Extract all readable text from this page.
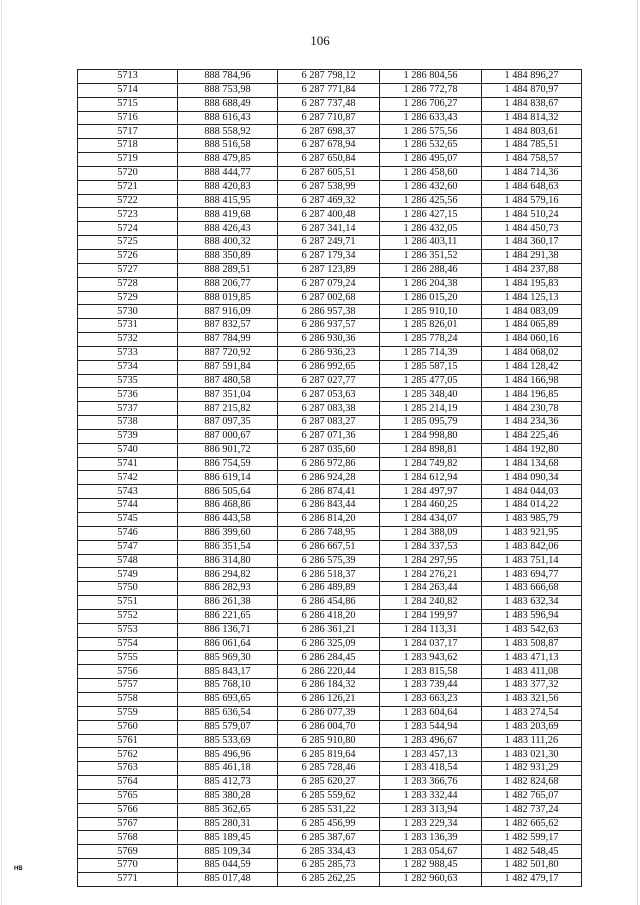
106
5713	888 784,96	6 287 798,12	1 286 804,56	1 484 896,27
5714	888 753,98	6 287 771,84	1 286 772,78	1 484 870,97
5715	888 688,49	6 287 737,48	1 286 706,27	1 484 838,67
5716	888 616,43	6 287 710,87	1 286 633,43	1 484 814,32
5717	888 558,92	6 287 698,37	1 286 575,56	1 484 803,61
5718	888 516,58	6 287 678,94	1 286 532,65	1 484 785,51
5719	888 479,85	6 287 650,84	1 286 495,07	1 484 758,57
5720	888 444,77	6 287 605,51	1 286 458,60	1 484 714,36
5721	888 420,83	6 287 538,99	1 286 432,60	1 484 648,63
5722	888 415,95	6 287 469,32	1 286 425,56	1 484 579,16
5723	888 419,68	6 287 400,48	1 286 427,15	1 484 510,24
5724	888 426,43	6 287 341,14	1 286 432,05	1 484 450,73
5725	888 400,32	6 287 249,71	1 286 403,11	1 484 360,17
5726	888 350,89	6 287 179,34	1 286 351,52	1 484 291,38
5727	888 289,51	6 287 123,89	1 286 288,46	1 484 237,88
5728	888 206,77	6 287 079,24	1 286 204,38	1 484 195,83
5729	888 019,85	6 287 002,68	1 286 015,20	1 484 125,13
5730	887 916,09	6 286 957,38	1 285 910,10	1 484 083,09
5731	887 832,57	6 286 937,57	1 285 826,01	1 484 065,89
5732	887 784,99	6 286 930,36	1 285 778,24	1 484 060,16
5733	887 720,92	6 286 936,23	1 285 714,39	1 484 068,02
5734	887 591,84	6 286 992,65	1 285 587,15	1 484 128,42
5735	887 480,58	6 287 027,77	1 285 477,05	1 484 166,98
5736	887 351,04	6 287 053,63	1 285 348,40	1 484 196,85
5737	887 215,82	6 287 083,38	1 285 214,19	1 484 230,78
5738	887 097,35	6 287 083,27	1 285 095,79	1 484 234,36
5739	887 000,67	6 287 071,36	1 284 998,80	1 484 225,46
5740	886 901,72	6 287 035,60	1 284 898,81	1 484 192,80
5741	886 754,59	6 286 972,86	1 284 749,82	1 484 134,68
5742	886 619,14	6 286 924,28	1 284 612,94	1 484 090,34
5743	886 505,64	6 286 874,41	1 284 497,97	1 484 044,03
5744	886 468,86	6 286 843,44	1 284 460,25	1 484 014,22
5745	886 443,58	6 286 814,20	1 284 434,07	1 483 985,79
5746	886 399,60	6 286 748,95	1 284 388,09	1 483 921,95
5747	886 351,54	6 286 667,51	1 284 337,53	1 483 842,06
5748	886 314,80	6 286 575,39	1 284 297,95	1 483 751,14
5749	886 294,82	6 286 518,37	1 284 276,21	1 483 694,77
5750	886 282,93	6 286 489,89	1 284 263,44	1 483 666,68
5751	886 261,38	6 286 454,86	1 284 240,82	1 483 632,34
5752	886 221,65	6 286 418,20	1 284 199,97	1 483 596,94
5753	886 136,71	6 286 361,21	1 284 113,31	1 483 542,63
5754	886 061,64	6 286 325,09	1 284 037,17	1 483 508,87
5755	885 969,30	6 286 284,45	1 283 943,62	1 483 471,13
5756	885 843,17	6 286 220,44	1 283 815,58	1 483 411,08
5757	885 768,10	6 286 184,32	1 283 739,44	1 483 377,32
5758	885 693,65	6 286 126,21	1 283 663,23	1 483 321,56
5759	885 636,54	6 286 077,39	1 283 604,64	1 483 274,54
5760	885 579,07	6 286 004,70	1 283 544,94	1 483 203,69
5761	885 533,69	6 285 910,80	1 283 496,67	1 483 111,26
5762	885 496,96	6 285 819,64	1 283 457,13	1 483 021,30
5763	885 461,18	6 285 728,46	1 283 418,54	1 482 931,29
5764	885 412,73	6 285 620,27	1 283 366,76	1 482 824,68
5765	885 380,28	6 285 559,62	1 283 332,44	1 482 765,07
5766	885 362,65	6 285 531,22	1 283 313,94	1 482 737,24
5767	885 280,31	6 285 456,99	1 283 229,34	1 482 665,62
5768	885 189,45	6 285 387,67	1 283 136,39	1 482 599,17
5769	885 109,34	6 285 334,43	1 283 054,67	1 482 548,45
5770	885 044,59	6 285 285,73	1 282 988,45	1 482 501,80
5771	885 017,48	6 285 262,25	1 282 960,63	1 482 479,17
НВ
